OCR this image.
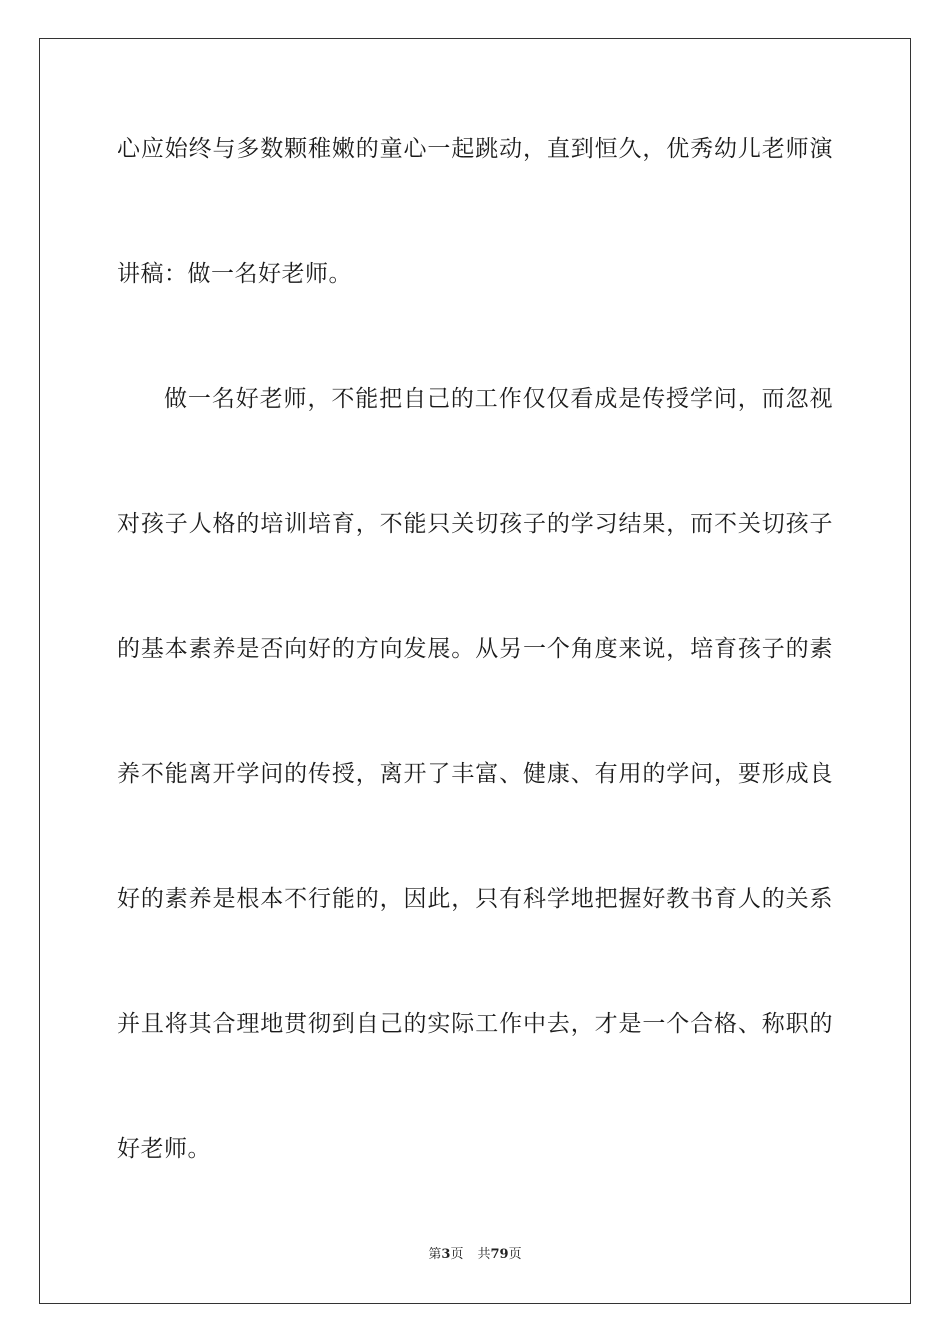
心应始终与多数颗稚嫩的童心一起跳动，直到恒久，优秀幼儿老师演
讲稿：做一名好老师。
做一名好老师，不能把自己的工作仅仅看成是传授学问，而忽视
对孩子人格的培训培育，不能只关切孩子的学习结果，而不关切孩子
的基本素养是否向好的方向发展。从另一个角度来说，培育孩子的素
养不能离开学问的传授，离开了丰富、健康、有用的学问，要形成良
好的素养是根本不行能的，因此，只有科学地把握好教书育人的关系
并且将其合理地贯彻到自己的实际工作中去，才是一个合格、称职的
好老师。
第3页 共79页
